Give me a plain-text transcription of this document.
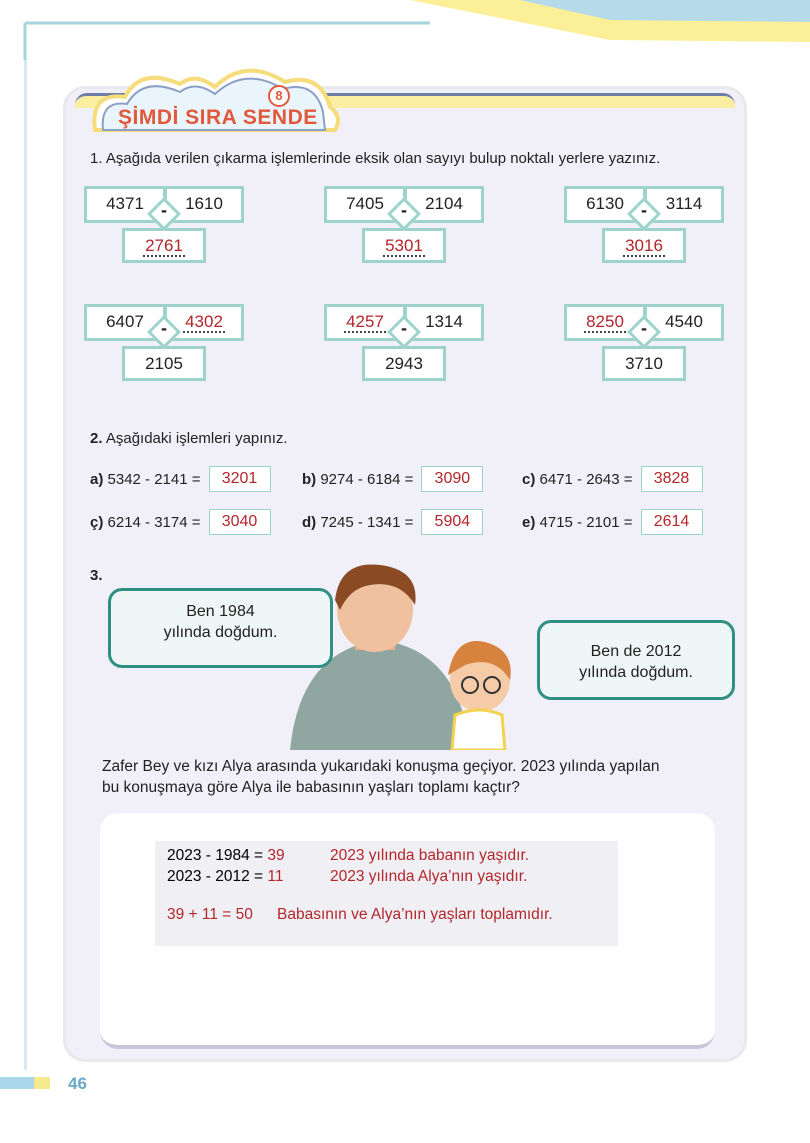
8
ŞİMDİ SIRA SENDE
1. Aşağıda verilen çıkarma işlemlerinde eksik olan sayıyı bulup noktalı yerlere yazınız.
4371	1610
2761
-	7405	2104
5301
-	6130	3114
3016
-
6407	4302
2105
-	4257	1314
2943
-	8250	4540
3710
-
2. Aşağıdaki işlemleri yapınız.
a) 5342 - 2141 =	3201	b) 9274 - 6184 =	3090	c) 6471 - 2643 =	3828
ç) 6214 - 3174 =	3040	d) 7245 - 1341 =	5904	e) 4715 - 2101 =	2614
3.
Ben 1984
yılında doğdum.
Ben de 2012
yılında doğdum.
Zafer Bey ve kızı Alya arasında yukarıdaki konuşma geçiyor. 2023 yılında yapılan
bu konuşmaya göre Alya ile babasının yaşları toplamı kaçtır?
2023 - 1984 = 39	2023 yılında babanın yaşıdır.
2023 - 2012 = 11	2023 yılında Alya’nın yaşıdır.
39 + 11 = 50 Babasının ve Alya’nın yaşları toplamıdır.
46
